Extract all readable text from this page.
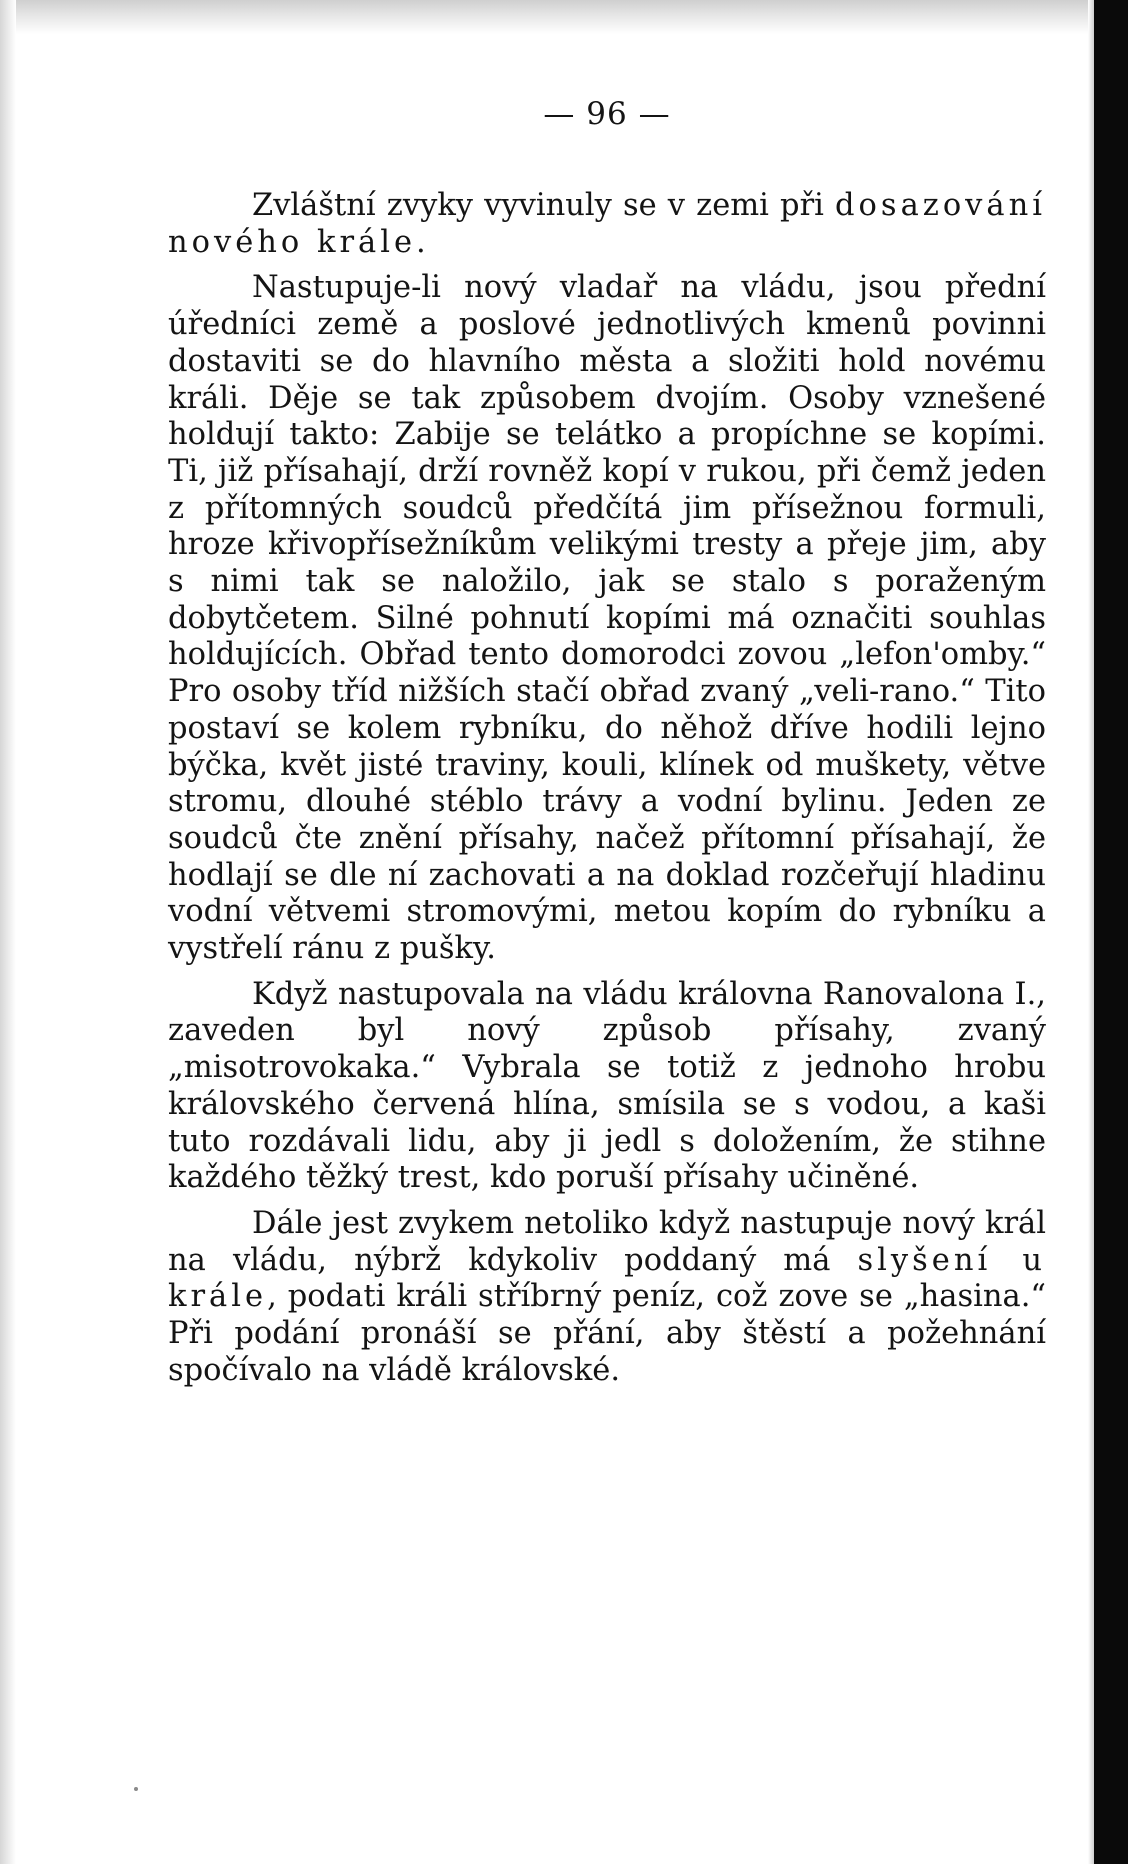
— 96 —

Zvláštní zvyky vyvinuly se v zemi při dosazování nového krále.

Nastupuje-li nový vladař na vládu, jsou přední úředníci země a poslové jednotlivých kmenů povinni dostaviti se do hlavního města a složiti hold novému králi. Děje se tak způsobem dvojím. Osoby vznešené holdují takto: Zabije se telátko a propíchne se kopími. Ti, již přísahají, drží rovněž kopí v rukou, při čemž jeden z přítomných soudců předčítá jim přísežnou formuli, hroze křivopřísežníkům velikými tresty a přeje jim, aby s nimi tak se naložilo, jak se stalo s poraženým dobytčetem. Silné pohnutí kopími má označiti souhlas holdujících. Obřad tento domorodci zovou „lefon'omby.“ Pro osoby tříd nižších stačí obřad zvaný „veli-rano.“ Tito postaví se kolem rybníku, do něhož dříve hodili lejno býčka, květ jisté traviny, kouli, klínek od muškety, větve stromu, dlouhé stéblo trávy a vodní bylinu. Jeden ze soudců čte znění přísahy, načež přítomní přísahají, že hodlají se dle ní zachovati a na doklad rozčeřují hladinu vodní větvemi stromovými, metou kopím do rybníku a vystřelí ránu z pušky.

Když nastupovala na vládu královna Ranovalona I., zaveden byl nový způsob přísahy, zvaný „misotrovokaka.“ Vybrala se totiž z jednoho hrobu královského červená hlína, smísila se s vodou, a kaši tuto rozdávali lidu, aby ji jedl s doložením, že stihne každého těžký trest, kdo poruší přísahy učiněné.

Dále jest zvykem netoliko když nastupuje nový král na vládu, nýbrž kdykoliv poddaný má slyšení u krále, podati králi stříbrný peníz, což zove se „hasina.“ Při podání pronáší se přání, aby štěstí a požehnání spočívalo na vládě královské.
